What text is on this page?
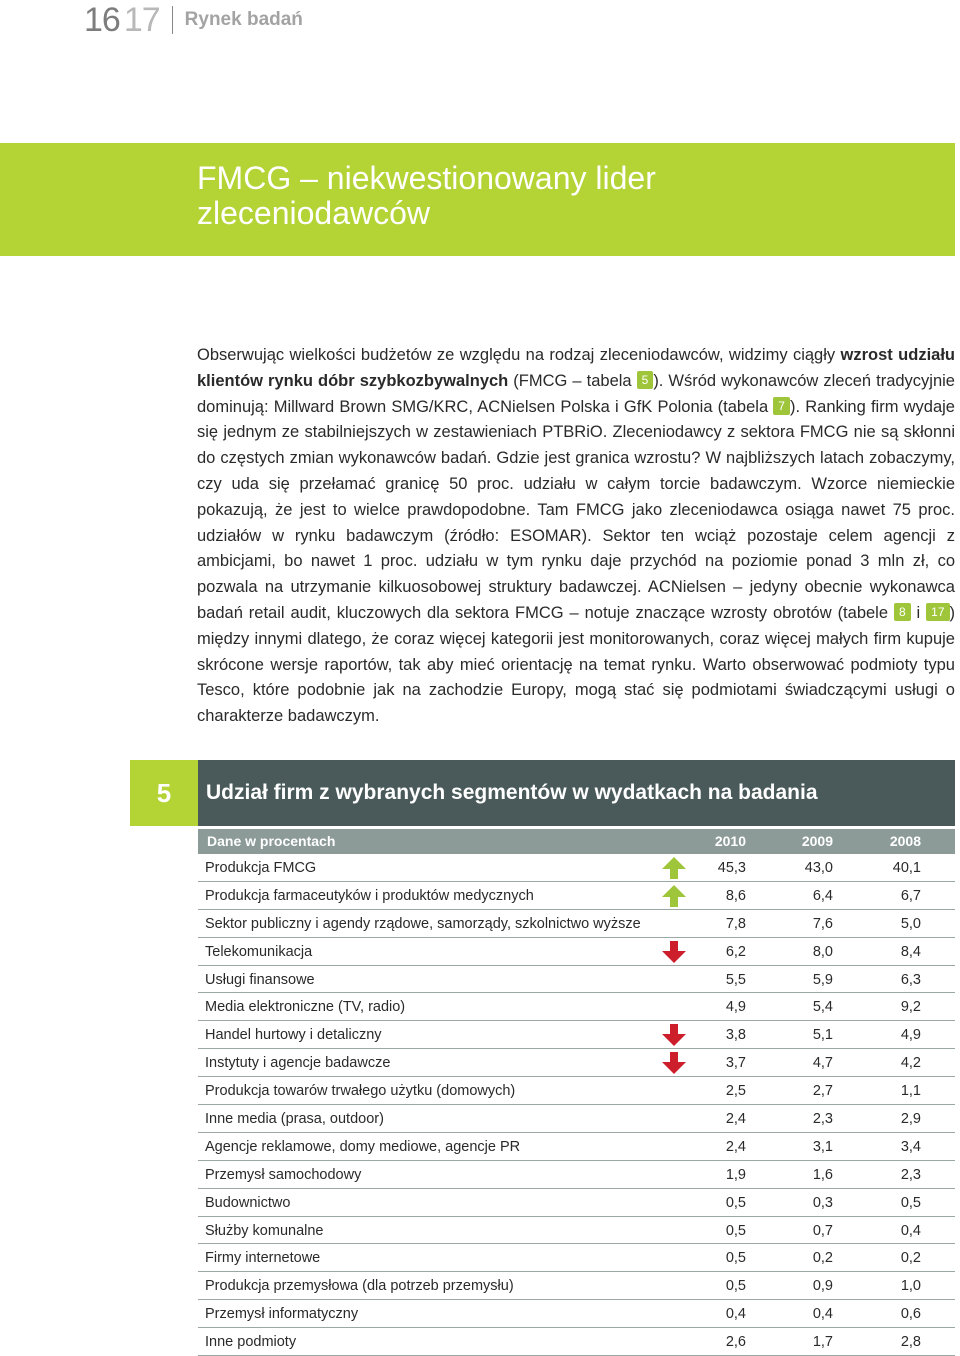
16 17 Rynek badań
FMCG – niekwestionowany lider
zleceniodawców

Obserwując wielkości budżetów ze względu na rodzaj zleceniodawców, widzimy ciągły wzrost udziału klientów rynku dóbr szybkozbywalnych (FMCG – tabela 5 ). Wśród wykonawców zleceń tradycyjnie dominują: Millward Brown SMG/KRC, ACNielsen Polska i GfK Polonia (tabela 7 ). Ranking firm wydaje się jednym ze stabilniejszych w zestawieniach PTBRiO. Zleceniodawcy z sektora FMCG nie są skłonni do częstych zmian wykonawców badań. Gdzie jest granica wzrostu? W najbliższych latach zobaczymy, czy uda się przełamać granicę 50 proc. udziału w całym torcie badawczym. Wzorce niemieckie pokazują, że jest to wielce prawdopodobne. Tam FMCG jako zleceniodawca osiąga nawet 75 proc. udziałów w rynku badawczym (źródło: ESOMAR). Sektor ten wciąż pozostaje celem agencji z ambicjami, bo nawet 1 proc. udziału w tym rynku daje przychód na poziomie ponad 3 mln zł, co pozwala na utrzymanie kilkuosobowej struktury badawczej. ACNielsen – jedyny obecnie wykonawca badań retail audit, kluczowych dla sektora FMCG – notuje znaczące wzrosty obrotów (tabele 8 i 17 ) między innymi dlatego, że coraz więcej kategorii jest monitorowanych, coraz więcej małych firm kupuje skrócone wersje raportów, tak aby mieć orientację na temat rynku. Warto obserwować podmioty typu Tesco, które podobnie jak na zachodzie Europy, mogą stać się podmiotami świadczącymi usługi o charakterze badawczym.

5	Udział firm z wybranych segmentów w wydatkach na badania
Dane w procentach	2010	2009	2008
Produkcja FMCG	45,3	43,0	40,1
Produkcja farmaceutyków i produktów medycznych	8,6	6,4	6,7
Sektor publiczny i agendy rządowe, samorządy, szkolnictwo wyższe	7,8	7,6	5,0
Telekomunikacja	6,2	8,0	8,4
Usługi finansowe	5,5	5,9	6,3
Media elektroniczne (TV, radio)	4,9	5,4	9,2
Handel hurtowy i detaliczny	3,8	5,1	4,9
Instytuty i agencje badawcze	3,7	4,7	4,2
Produkcja towarów trwałego użytku (domowych)	2,5	2,7	1,1
Inne media (prasa, outdoor)	2,4	2,3	2,9
Agencje reklamowe, domy mediowe, agencje PR	2,4	3,1	3,4
Przemysł samochodowy	1,9	1,6	2,3
Budownictwo	0,5	0,3	0,5
Służby komunalne	0,5	0,7	0,4
Firmy internetowe	0,5	0,2	0,2
Produkcja przemysłowa (dla potrzeb przemysłu)	0,5	0,9	1,0
Przemysł informatyczny	0,4	0,4	0,6
Inne podmioty	2,6	1,7	2,8
